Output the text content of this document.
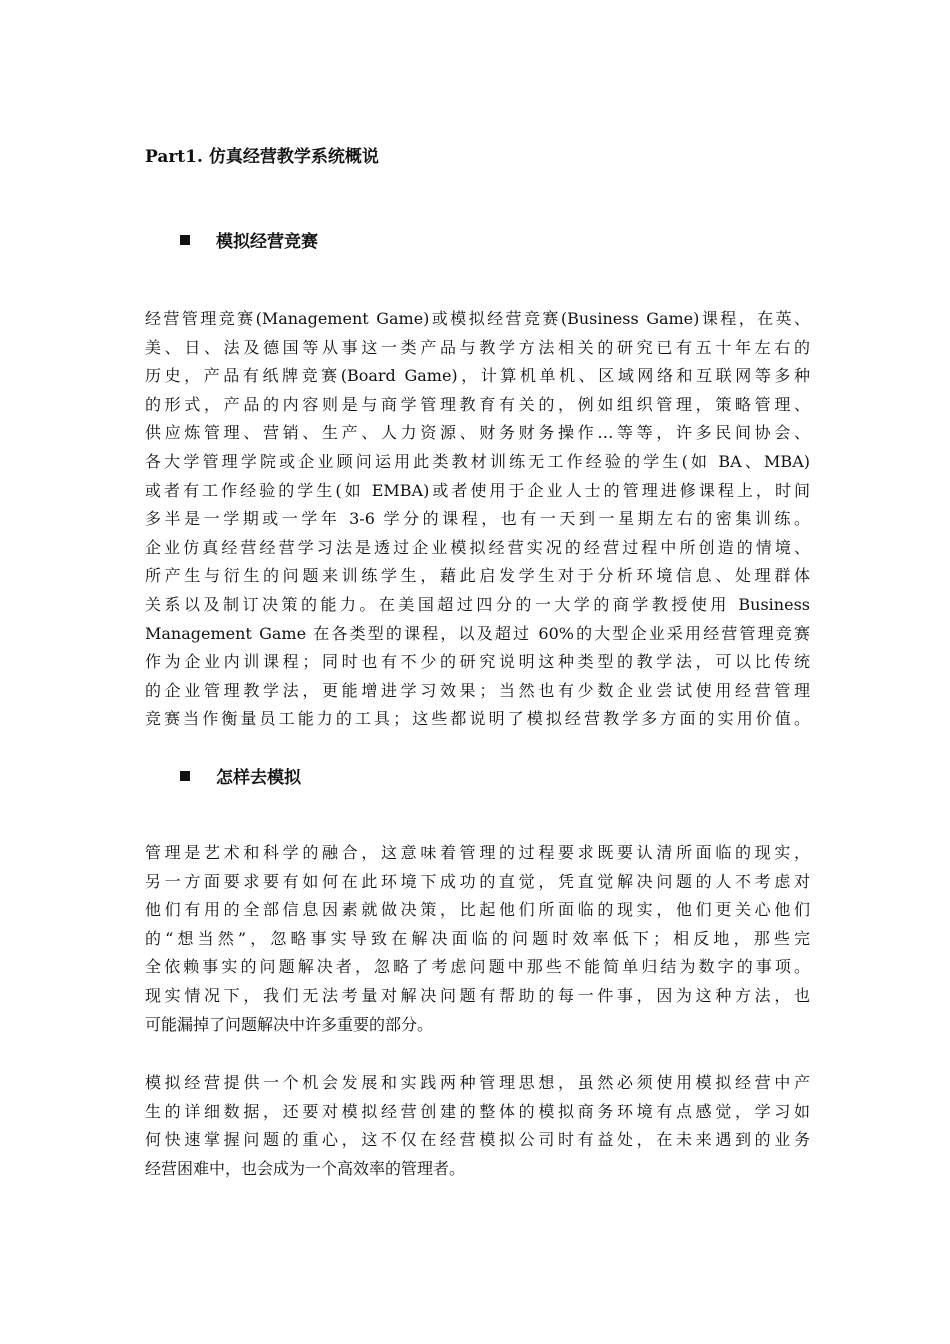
Part1. 仿真经营教学系统概说
模拟经营竞赛
经营管理竞赛(Management Game)或模拟经营竞赛(Business Game)课程，在英、
美、日、法及德国等从事这一类产品与教学方法相关的研究已有五十年左右的
历史，产品有纸牌竞赛(Board Game)，计算机单机、区域网络和互联网等多种
的形式，产品的内容则是与商学管理教育有关的，例如组织管理，策略管理、
供应炼管理、营销、生产、人力资源、财务财务操作…等等，许多民间协会、
各大学管理学院或企业顾问运用此类教材训练无工作经验的学生(如 BA、MBA)
或者有工作经验的学生(如 EMBA)或者使用于企业人士的管理进修课程上，时间
多半是一学期或一学年 3-6 学分的课程，也有一天到一星期左右的密集训练。
企业仿真经营经营学习法是透过企业模拟经营实况的经营过程中所创造的情境、
所产生与衍生的问题来训练学生，藉此启发学生对于分析环境信息、处理群体
关系以及制订决策的能力。在美国超过四分的一大学的商学教授使用 Business
Management Game 在各类型的课程，以及超过 60%的大型企业采用经营管理竞赛
作为企业内训课程；同时也有不少的研究说明这种类型的教学法，可以比传统
的企业管理教学法，更能增进学习效果；当然也有少数企业尝试使用经营管理
竞赛当作衡量员工能力的工具；这些都说明了模拟经营教学多方面的实用价值。
怎样去模拟
管理是艺术和科学的融合，这意味着管理的过程要求既要认清所面临的现实，
另一方面要求要有如何在此环境下成功的直觉，凭直觉解决问题的人不考虑对
他们有用的全部信息因素就做决策，比起他们所面临的现实，他们更关心他们
的“想当然”，忽略事实导致在解决面临的问题时效率低下；相反地，那些完
全依赖事实的问题解决者，忽略了考虑问题中那些不能简单归结为数字的事项。
现实情况下，我们无法考量对解决问题有帮助的每一件事，因为这种方法，也
可能漏掉了问题解决中许多重要的部分。
模拟经营提供一个机会发展和实践两种管理思想，虽然必须使用模拟经营中产
生的详细数据，还要对模拟经营创建的整体的模拟商务环境有点感觉，学习如
何快速掌握问题的重心，这不仅在经营模拟公司时有益处，在未来遇到的业务
经营困难中，也会成为一个高效率的管理者。
